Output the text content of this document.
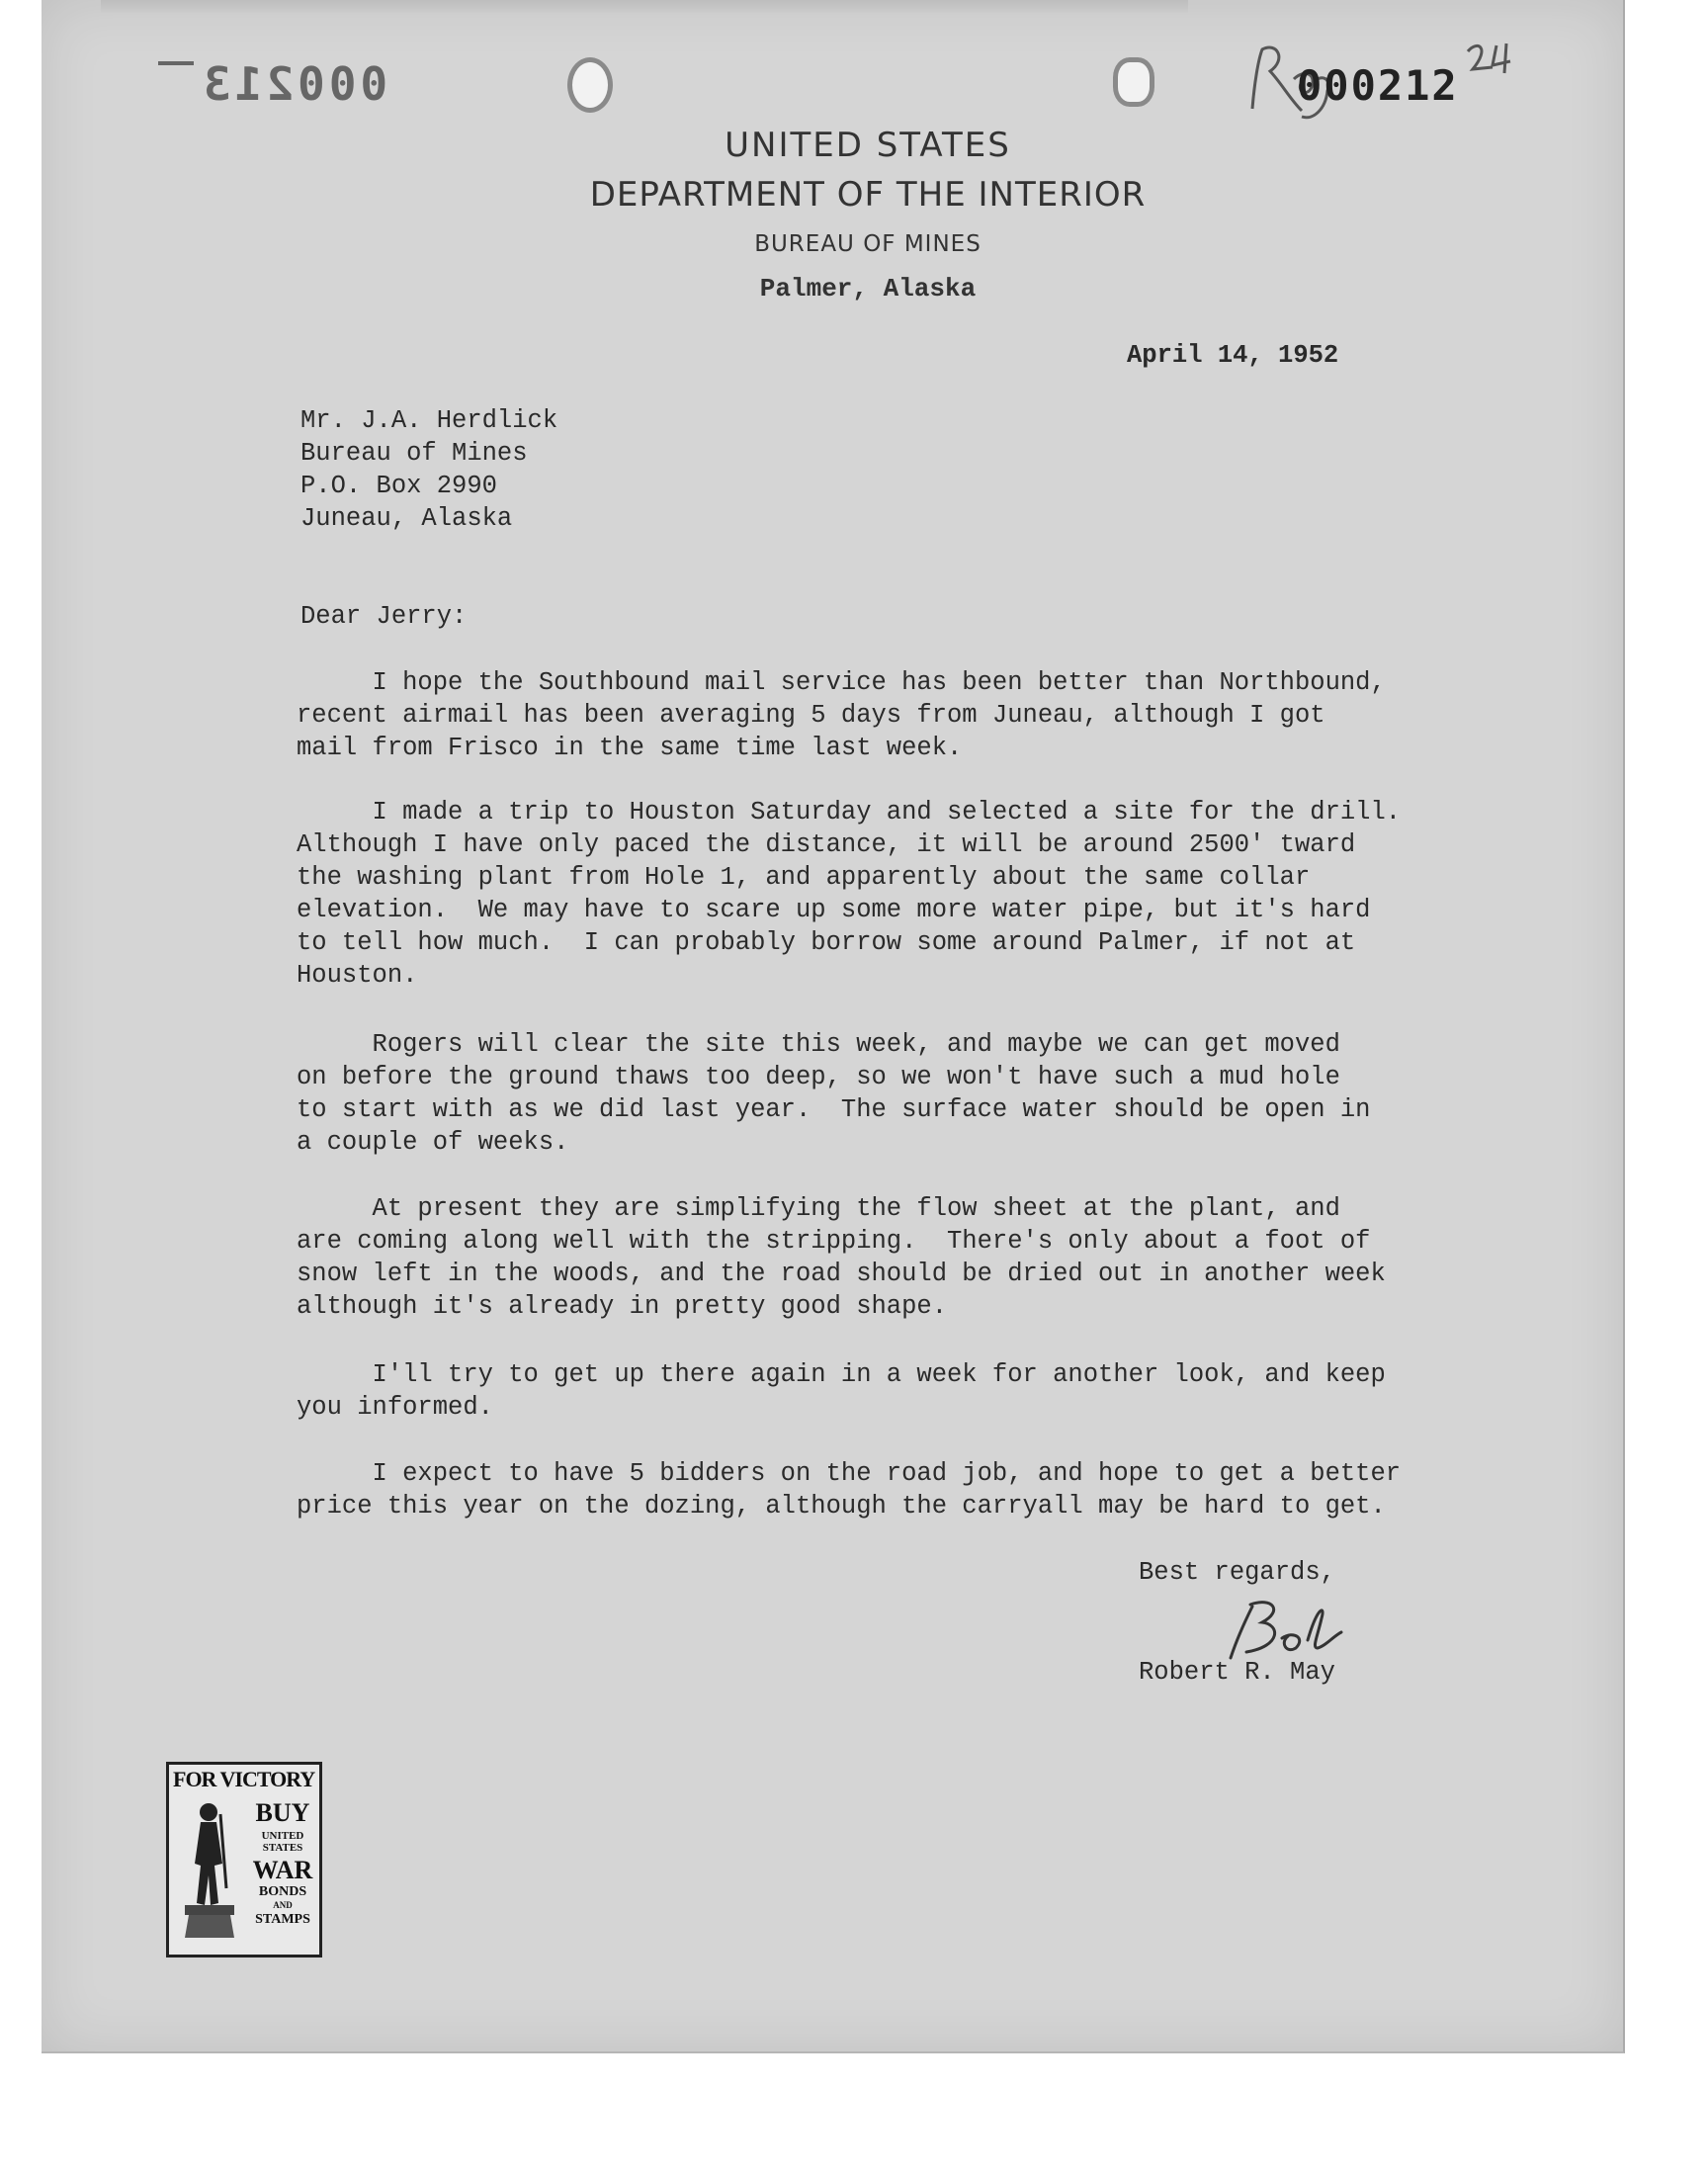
000213	000212
UNITED STATES
DEPARTMENT OF THE INTERIOR
BUREAU OF MINES
Palmer, Alaska
April 14, 1952
Mr. J.A. Herdlick
Bureau of Mines
P.O. Box 2990
Juneau, Alaska
Dear Jerry:
I hope the Southbound mail service has been better than Northbound,
recent airmail has been averaging 5 days from Juneau, although I got
mail from Frisco in the same time last week.
I made a trip to Houston Saturday and selected a site for the drill.
Although I have only paced the distance, it will be around 2500' tward
the washing plant from Hole 1, and apparently about the same collar
elevation.  We may have to scare up some more water pipe, but it's hard
to tell how much.  I can probably borrow some around Palmer, if not at
Houston.
Rogers will clear the site this week, and maybe we can get moved
on before the ground thaws too deep, so we won't have such a mud hole
to start with as we did last year.  The surface water should be open in
a couple of weeks.
At present they are simplifying the flow sheet at the plant, and
are coming along well with the stripping.  There's only about a foot of
snow left in the woods, and the road should be dried out in another week
although it's already in pretty good shape.
I'll try to get up there again in a week for another look, and keep
you informed.
I expect to have 5 bidders on the road job, and hope to get a better
price this year on the dozing, although the carryall may be hard to get.
Best regards,
Robert R. May
FOR VICTORY
BUY
UNITED STATES
WAR
BONDS
AND
STAMPS
